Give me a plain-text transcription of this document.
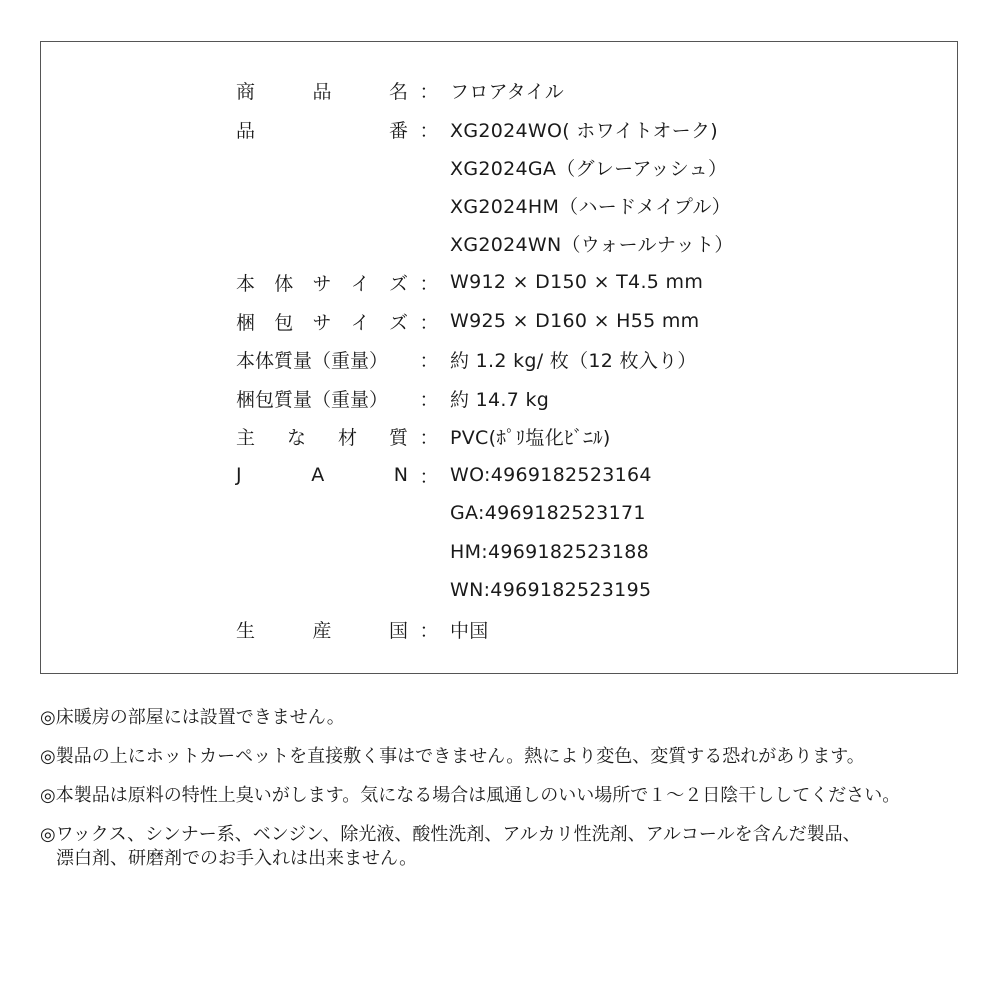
商	品	名 ： フロアタイル
品	番 ： XG2024WO( ホワイトオーク)
XG2024GA（グレーアッシュ）
XG2024HM（ハードメイプル）
XG2024WN（ウォールナット）
本 体 サ イ ズ ： W912 × D150 × T4.5 mm
梱 包 サ イ ズ ： W925 × D160 × H55 mm
本体質量（重量）	： 約 1.2 kg/ 枚（12 枚入り）
梱包質量（重量）	： 約 14.7 kg
主 な 材 質 ： PVC(ﾎﾟﾘ塩化ﾋﾞﾆﾙ)
J	A	N ： WO:4969182523164
GA:4969182523171
HM:4969182523188
WN:4969182523195
生	産	国 ： 中国
◎床暖房の部屋には設置できません。
◎製品の上にホットカーペットを直接敷く事はできません。熱により変色、変質する恐れがあります。
◎本製品は原料の特性上臭いがします。気になる場合は風通しのいい場所で１～２日陰干ししてください。
◎ワックス、シンナー系、ベンジン、除光液、酸性洗剤、アルカリ性洗剤、アルコールを含んだ製品、
漂白剤、研磨剤でのお手入れは出来ません。
